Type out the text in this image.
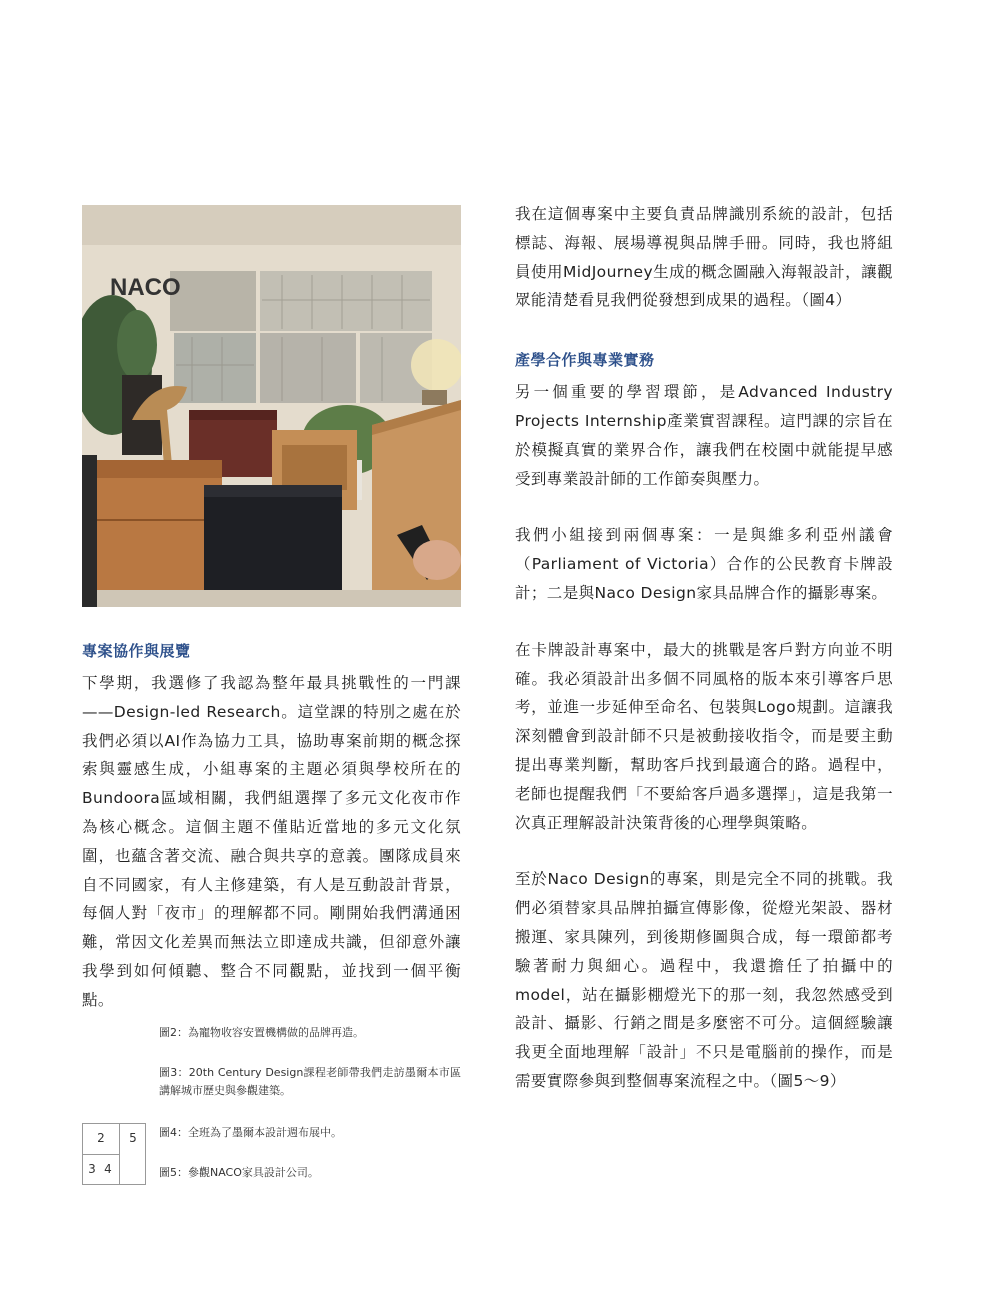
NACO
專案協作與展覽

下學期，我選修了我認為整年最具挑戰性的一門課——Design-led Research。這堂課的特別之處在於我們必須以AI作為協力工具，協助專案前期的概念探索與靈感生成，小組專案的主題必須與學校所在的Bundoora區域相關，我們組選擇了多元文化夜市作為核心概念。這個主題不僅貼近當地的多元文化氛圍，也蘊含著交流、融合與共享的意義。團隊成員來自不同國家，有人主修建築，有人是互動設計背景，每個人對「夜市」的理解都不同。剛開始我們溝通困難，常因文化差異而無法立即達成共識，但卻意外讓我學到如何傾聽、整合不同觀點，並找到一個平衡點。

圖2：為寵物收容安置機構做的品牌再造。
圖3：20th Century Design課程老師帶我們走訪墨爾本市區講解城市歷史與參觀建築。
圖4：全班為了墨爾本設計週布展中。
圖5：參觀NACO家具設計公司。
2	5
3 4

我在這個專案中主要負責品牌識別系統的設計，包括標誌、海報、展場導視與品牌手冊。同時，我也將組員使用MidJourney生成的概念圖融入海報設計，讓觀眾能清楚看見我們從發想到成果的過程。（圖4）

產學合作與專業實務

另一個重要的學習環節，是Advanced Industry Projects Internship產業實習課程。這門課的宗旨在於模擬真實的業界合作，讓我們在校園中就能提早感受到專業設計師的工作節奏與壓力。

我們小組接到兩個專案：一是與維多利亞州議會（Parliament of Victoria）合作的公民教育卡牌設計；二是與Naco Design家具品牌合作的攝影專案。

在卡牌設計專案中，最大的挑戰是客戶對方向並不明確。我必須設計出多個不同風格的版本來引導客戶思考，並進一步延伸至命名、包裝與Logo規劃。這讓我深刻體會到設計師不只是被動接收指令，而是要主動提出專業判斷，幫助客戶找到最適合的路。過程中，老師也提醒我們「不要給客戶過多選擇」，這是我第一次真正理解設計決策背後的心理學與策略。

至於Naco Design的專案，則是完全不同的挑戰。我們必須替家具品牌拍攝宣傳影像，從燈光架設、器材搬運、家具陳列，到後期修圖與合成，每一環節都考驗著耐力與細心。過程中，我還擔任了拍攝中的model，站在攝影棚燈光下的那一刻，我忽然感受到設計、攝影、行銷之間是多麼密不可分。這個經驗讓我更全面地理解「設計」不只是電腦前的操作，而是需要實際參與到整個專案流程之中。（圖5～9）
